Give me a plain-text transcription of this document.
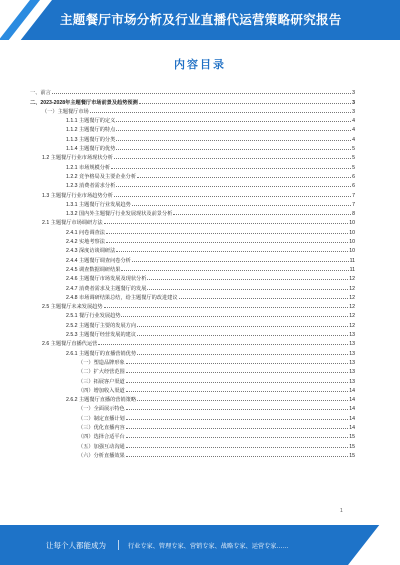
主题餐厅市场分析及行业直播代运营策略研究报告
内容目录
一、前言	3
二、2023-2028年主题餐厅市场前景及趋势预测	3
（一）主题餐厅市场	3
1.1.1 主题餐厅的定义	4
1.1.2 主题餐厅的特点	4
1.1.3 主题餐厅的分类	4
1.1.4 主题餐厅的优势	5
1.2 主题餐厅行业市场现状分析	5
1.2.1 市场规模分析	5
1.2.2 竞争格局及主要企业分析	6
1.2.3 消费者需求分析	6
1.3 主题餐厅行业市场趋势分析	7
1.3.1 主题餐厅行业发展趋势	7
1.3.2 国内外主题餐厅行业发展现状及前景分析	8
2.1 主题餐厅市场调研方法	10
2.4.1 问卷调查法	10
2.4.2 实地考察法	10
2.4.3 深度访谈调研法	10
2.4.4 主题餐厅调查问卷分析	11
2.4.5 调查数据调研结果	11
2.4.6 主题餐厅市场发展及现状分析	12
2.4.7 消费者需求及主题餐厅的发展	12
2.4.8 市场调研结果总结，给主题餐厅的改进建议	12
2.5 主题餐厅未来发展趋势	12
2.5.1 餐厅行业发展趋势	12
2.5.2 主题餐厅主要的发展方向	12
2.5.3 主题餐厅经营发展的建议	13
2.6 主题餐厅直播代运营	13
2.6.1 主题餐厅的直播营销优势	13
（一）塑造品牌形象	13
（二）扩大经营范围	13
（三）拓展客户渠道	13
（四）增加收入渠道	14
2.6.2 主题餐厅直播的营销策略	14
（一）全面展示特色	14
（二）制定直播计划	14
（三）优化直播内容	14
（四）选择合适平台	15
（五）加强互动沟通	15
（六）分析直播效果	15
1
让每个人都能成为	行业专家、管理专家、营销专家、战略专家、运营专家……
